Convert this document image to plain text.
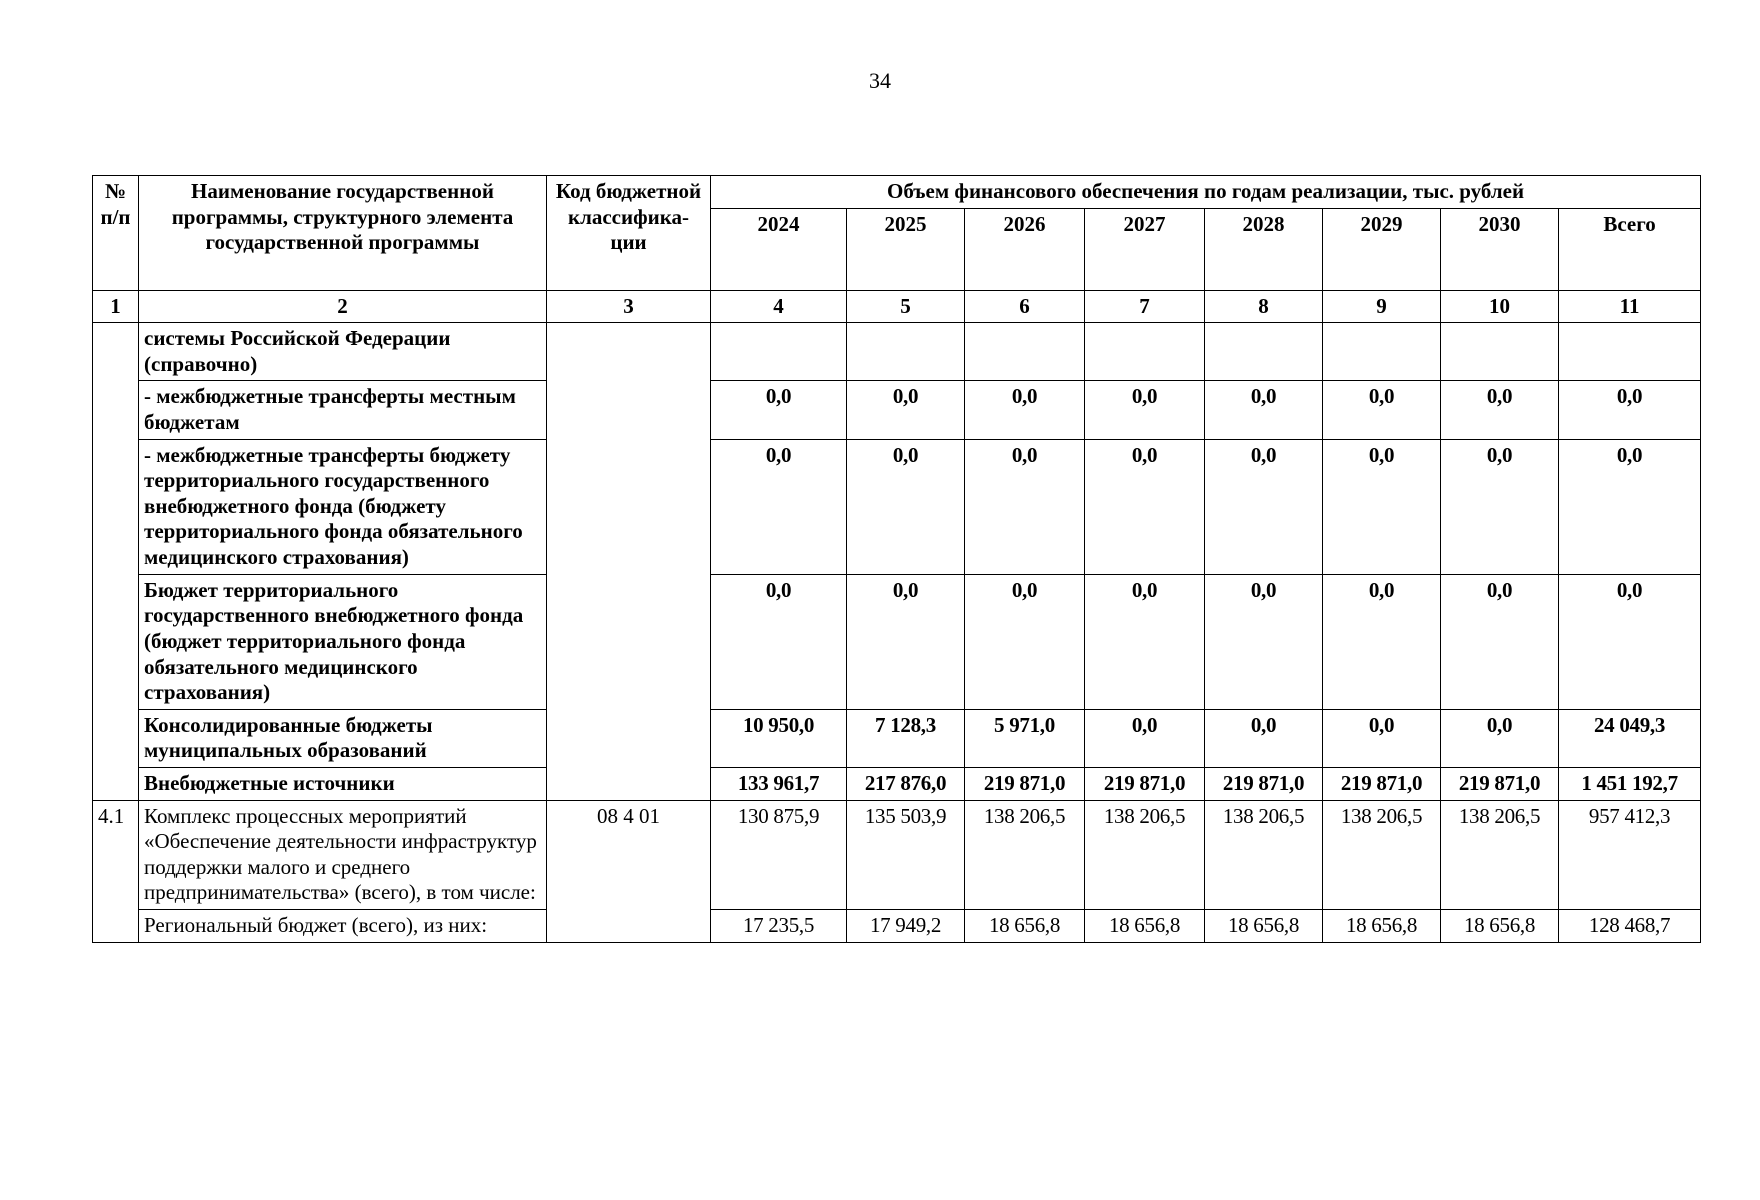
34
№ п/п	Наименование государственной программы, структурного элемента государственной программы	Код бюджетной классифика-ции	Объем финансового обеспечения по годам реализации, тыс. рублей							
			2024	2025	2026	2027	2028	2029	2030	Всего
1	2	3	4	5	6	7	8	9	10	11
	системы Российской Федерации (справочно)									
	- межбюджетные трансферты местным бюджетам		0,0	0,0	0,0	0,0	0,0	0,0	0,0	0,0
	- межбюджетные трансферты бюджету территориального государственного внебюджетного фонда (бюджету территориального фонда обязательного медицинского страхования)		0,0	0,0	0,0	0,0	0,0	0,0	0,0	0,0
	Бюджет территориального государственного внебюджетного фонда (бюджет территориального фонда обязательного медицинского страхования)		0,0	0,0	0,0	0,0	0,0	0,0	0,0	0,0
	Консолидированные бюджеты муниципальных образований		10 950,0	7 128,3	5 971,0	0,0	0,0	0,0	0,0	24 049,3
	Внебюджетные источники		133 961,7	217 876,0	219 871,0	219 871,0	219 871,0	219 871,0	219 871,0	1 451 192,7
4.1	Комплекс процессных мероприятий «Обеспечение деятельности инфраструктур поддержки малого и среднего предпринимательства» (всего), в том числе:	08 4 01	130 875,9	135 503,9	138 206,5	138 206,5	138 206,5	138 206,5	138 206,5	957 412,3
	Региональный бюджет (всего), из них:		17 235,5	17 949,2	18 656,8	18 656,8	18 656,8	18 656,8	18 656,8	128 468,7
